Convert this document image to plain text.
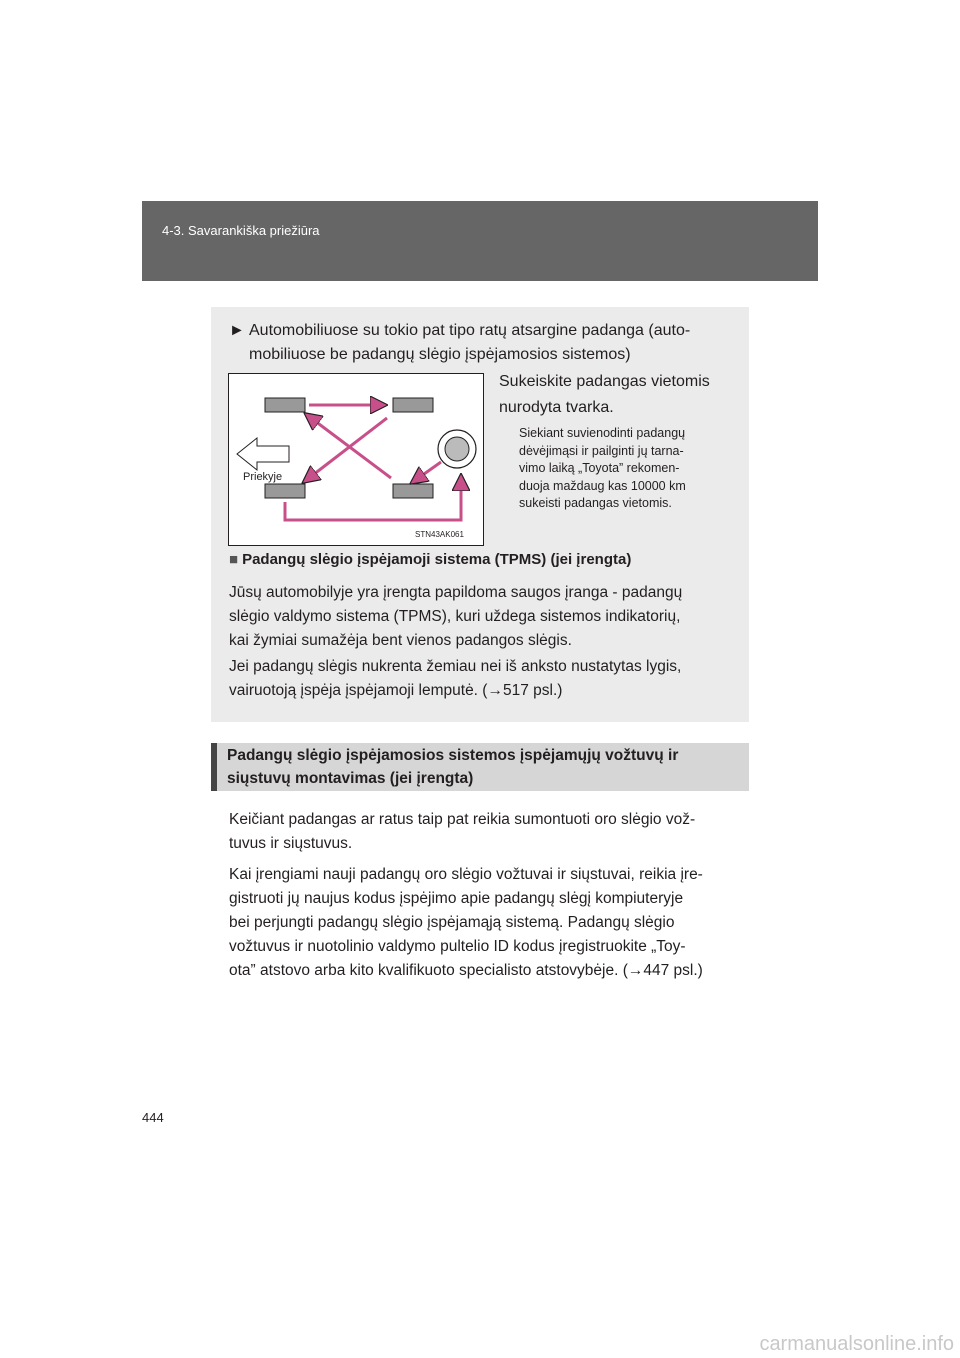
4-3. Savarankiška priežiūra
► Automobiliuose su tokio pat tipo ratų atsargine padanga (auto-
mobiliuose be padangų slėgio įspėjamosios sistemos)
Priekyje
STN43AK061
Sukeiskite padangas vietomis
nurodyta tvarka.
Siekiant suvienodinti padangų
dėvėjimąsi ir pailginti jų tarna-
vimo laiką „Toyota” rekomen-
duoja maždaug kas 10000 km
sukeisti padangas vietomis.
■ Padangų slėgio įspėjamoji sistema (TPMS) (jei įrengta)
Jūsų automobilyje yra įrengta papildoma saugos įranga - padangų
slėgio valdymo sistema (TPMS), kuri uždega sistemos indikatorių,
kai žymiai sumažėja bent vienos padangos slėgis.
Jei padangų slėgis nukrenta žemiau nei iš anksto nustatytas lygis,
vairuotoją įspėja įspėjamoji lemputė. (→517 psl.)
Padangų slėgio įspėjamosios sistemos įspėjamųjų vožtuvų ir
siųstuvų montavimas (jei įrengta)
Keičiant padangas ar ratus taip pat reikia sumontuoti oro slėgio vož-
tuvus ir siųstuvus.
Kai įrengiami nauji padangų oro slėgio vožtuvai ir siųstuvai, reikia įre-
gistruoti jų naujus kodus įspėjimo apie padangų slėgį kompiuteryje
bei perjungti padangų slėgio įspėjamąją sistemą. Padangų slėgio
vožtuvus ir nuotolinio valdymo pultelio ID kodus įregistruokite „Toy-
ota” atstovo arba kito kvalifikuoto specialisto atstovybėje. (→447 psl.)
444
carmanualsonline.info
